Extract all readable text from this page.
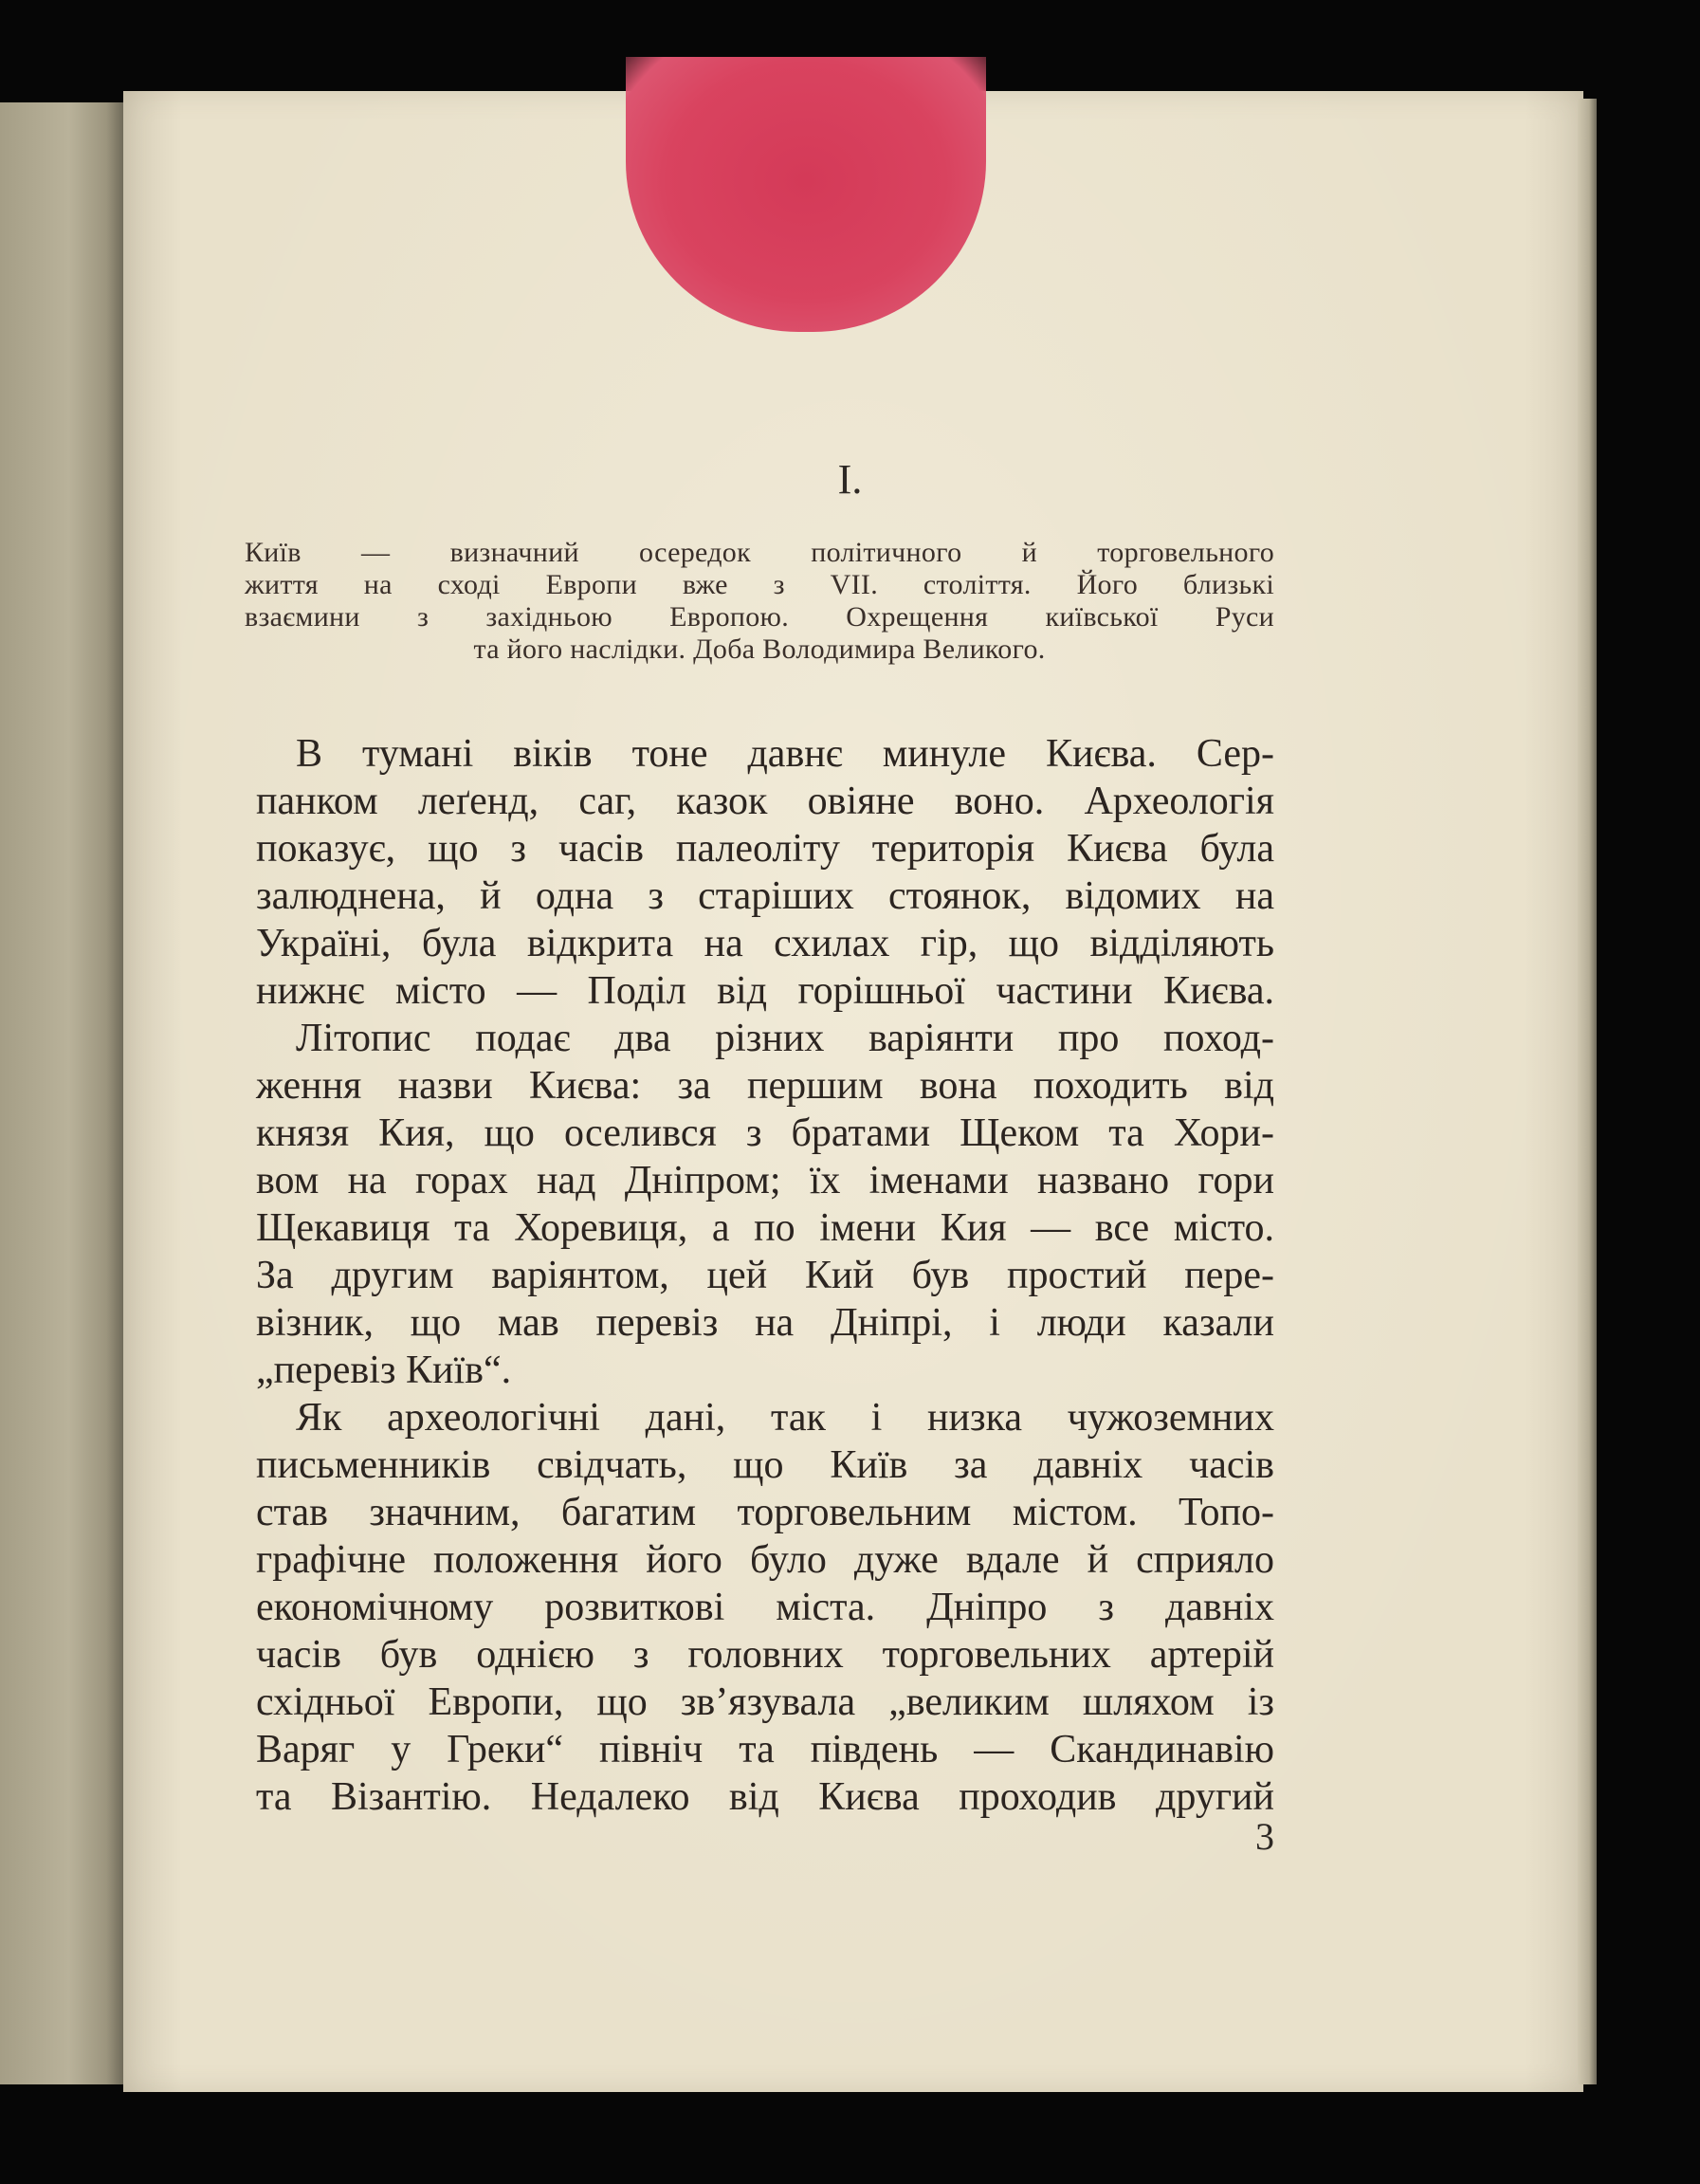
I.
Київ — визначний осередок політичного й торговельного
життя на сході Европи вже з VII. століття. Його близькі
взаємини з західньою Европою. Охрещення київської Руси
та його наслідки. Доба Володимира Великого.

В тумані віків тоне давнє минуле Києва. Сер-
панком леґенд, саг, казок овіяне воно. Археологія
показує, що з часів палеоліту територія Києва була
залюднена, й одна з старіших стоянок, відомих на
Україні, була відкрита на схилах гір, що відділяють
нижнє місто — Поділ від горішньої частини Києва.

Літопис подає два різних варіянти про поход-
ження назви Києва: за першим вона походить від
князя Кия, що оселився з братами Щеком та Хори-
вом на горах над Дніпром; їх іменами названо гори
Щекавиця та Хоревиця, а по імени Кия — все місто.
За другим варіянтом, цей Кий був простий пере-
візник, що мав перевіз на Дніпрі, і люди казали
„перевіз Київ“.

Як археологічні дані, так і низка чужоземних
письменників свідчать, що Київ за давніх часів
став значним, багатим торговельним містом. Топо-
графічне положення його було дуже вдале й сприяло
економічному розвиткові міста. Дніпро з давніх
часів був однією з головних торговельних артерій
східньої Европи, що зв’язувала „великим шляхом із
Варяг у Греки“ північ та південь — Скандинавію
та Візантію. Недалеко від Києва проходив другий

3
